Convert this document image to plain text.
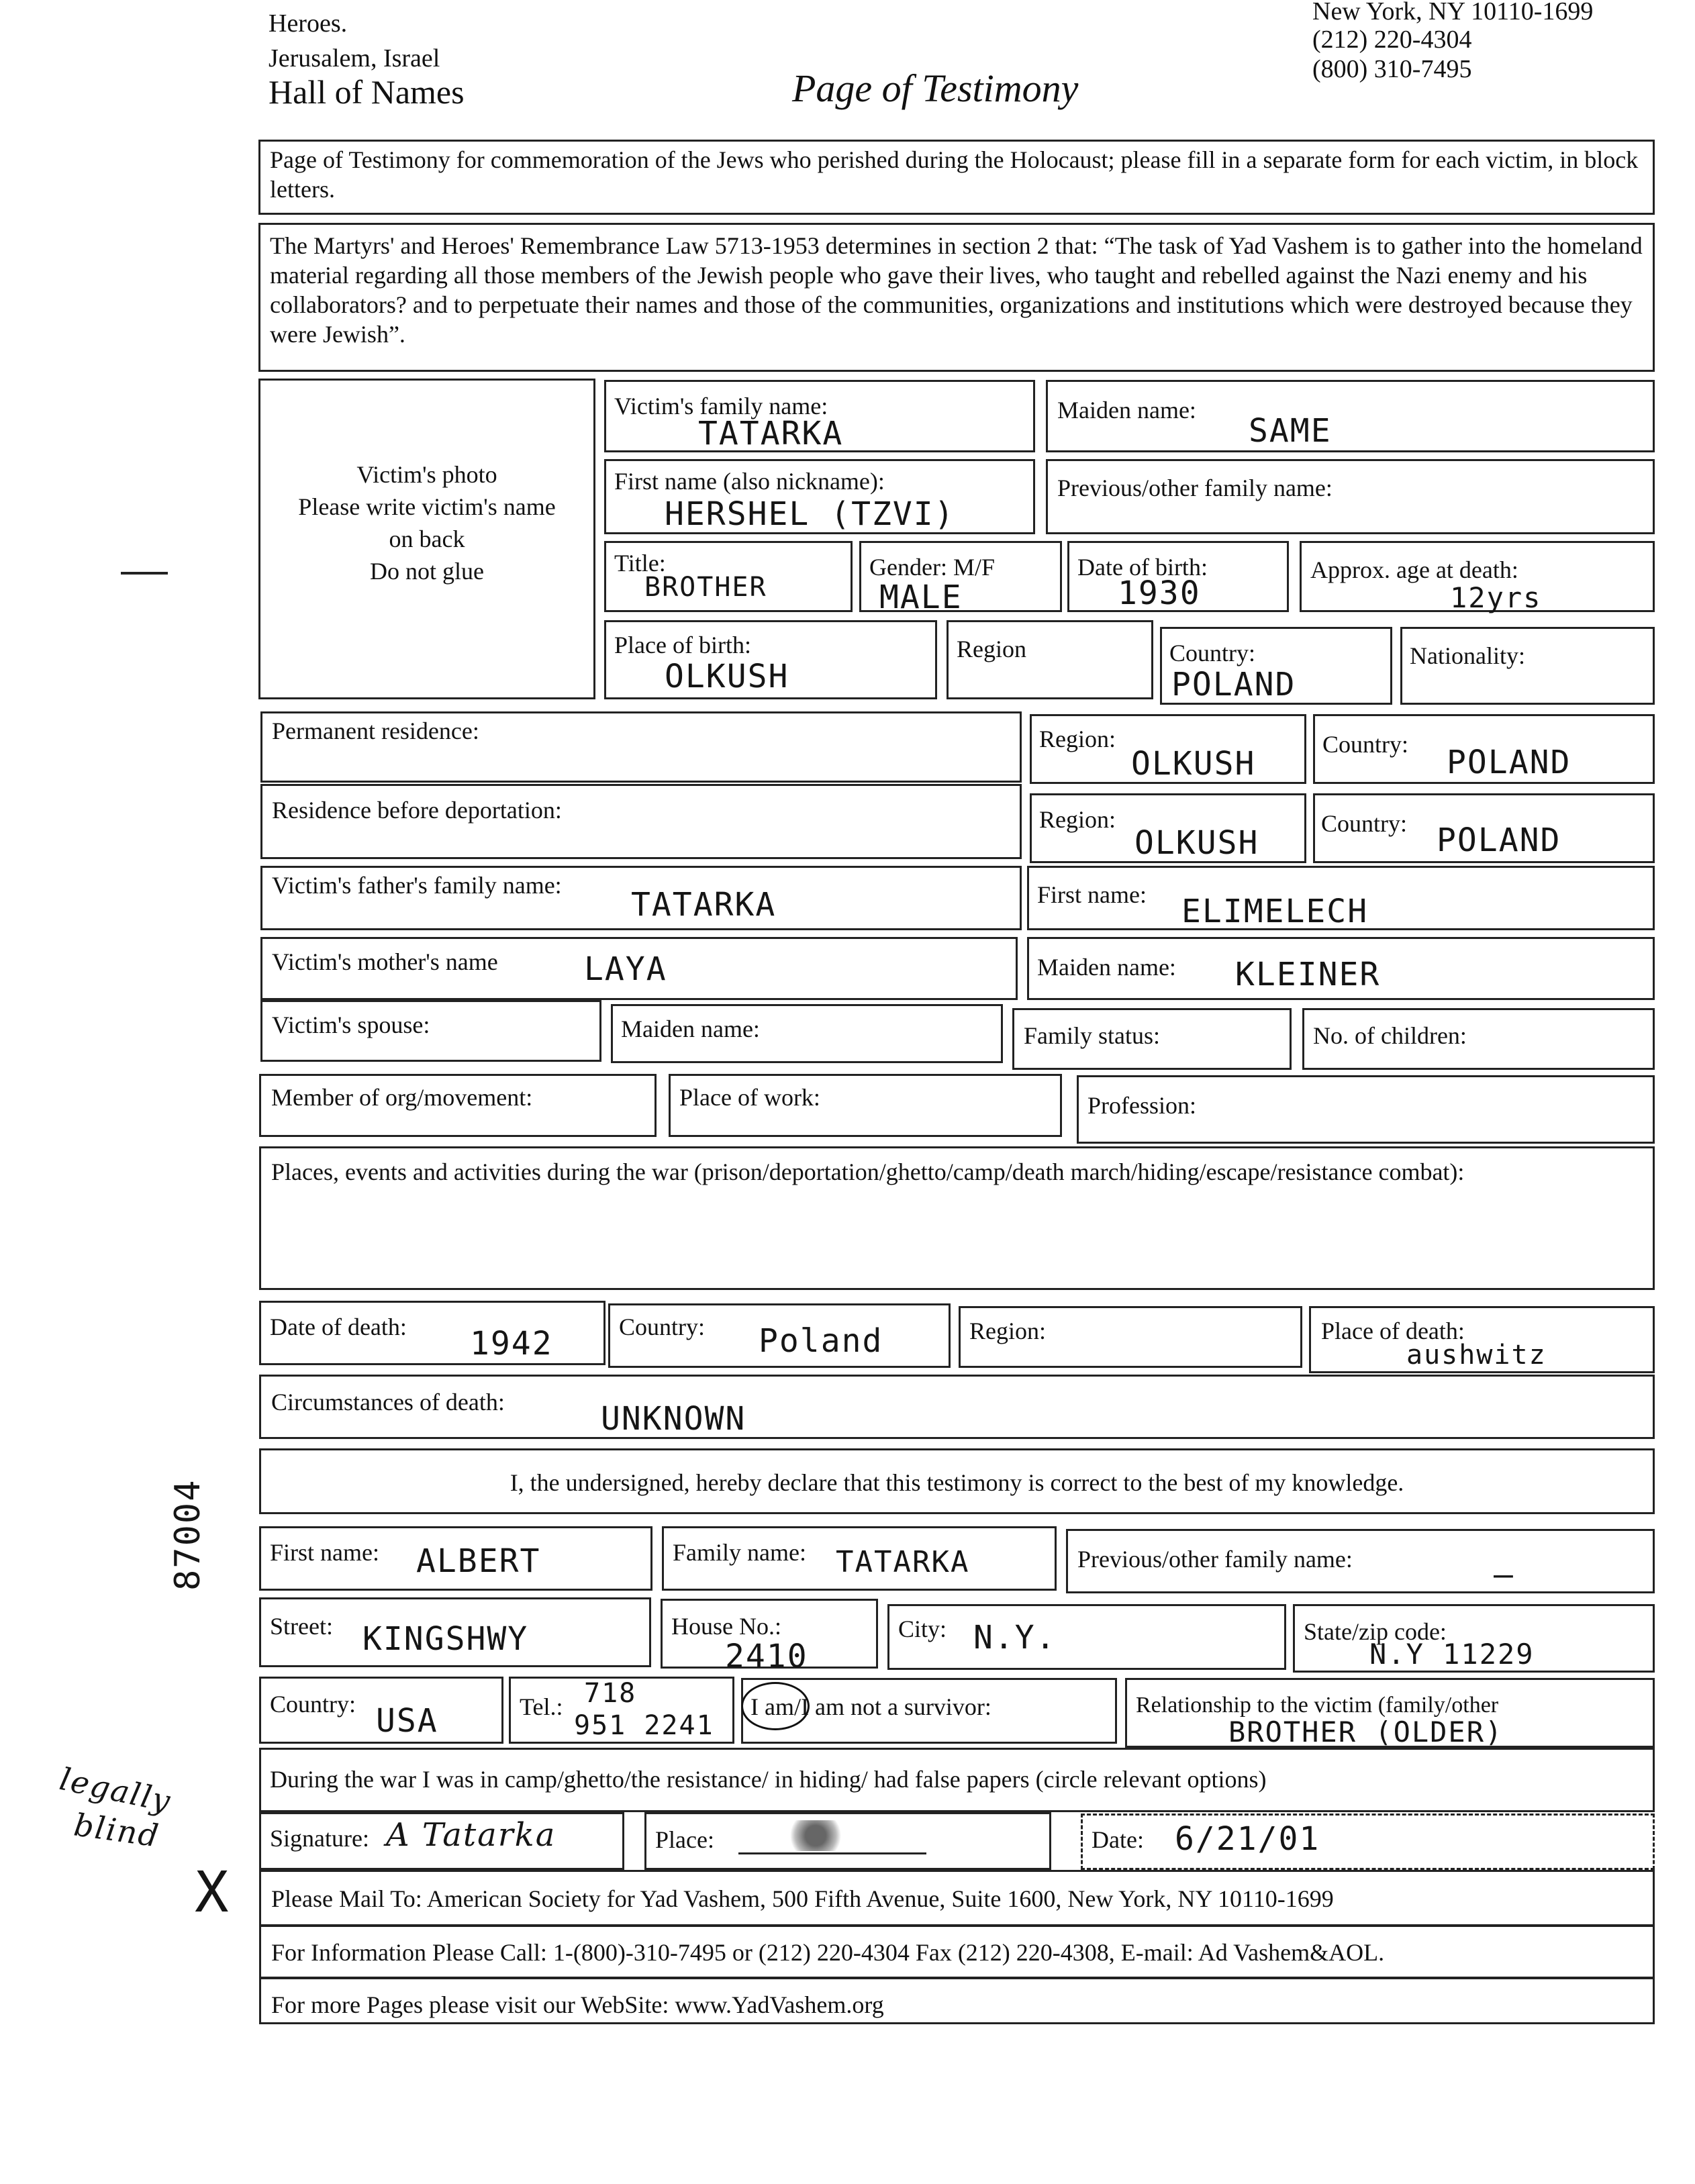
Heroes.
Jerusalem, Israel
Hall of Names	Page of Testimony
New York, NY 10110-1699
(212) 220-4304
(800) 310-7495
Page of Testimony for commemoration of the Jews who perished during the Holocaust; please fill in a separate form for each victim, in block letters.
The Martyrs' and Heroes' Remembrance Law 5713-1953 determines in section 2 that: “The task of Yad Vashem is to gather into the homeland material regarding all those members of the Jewish people who gave their lives, who taught and rebelled against the Nazi enemy and his collaborators? and to perpetuate their names and those of the communities, organizations and institutions which were destroyed because they were Jewish”.
Victim's photo
Please write victim's name
on back
Do not glue
Victim's family name:
TATARKA
Maiden name:
SAME
First name (also nickname):
HERSHEL (TZVI)
Previous/other family name:
Title:
BROTHER
Gender: M/F
MALE
Date of birth:
1930
Approx. age at death:
12yrs
Place of birth:
OLKUSH
Region	Country:
POLAND
Nationality:
Permanent residence:	Region:
OLKUSH
Country: POLAND
Residence before deportation:	Region:
OLKUSH
Country: POLAND
Victim's father's family name:
TATARKA	First name: ELIMELECH
Victim's mother's name	LAYA	Maiden name: KLEINER
Victim's spouse:	Maiden name:	Family status:	No. of children:
Member of org/movement:	Place of work:	Profession:
Places, events and activities during the war (prison/deportation/ghetto/camp/death march/hiding/escape/resistance combat):
Date of death: 1942	Country: Poland	Region:	Place of death:
aushwitz
Circumstances of death:	UNKNOWN
I, the undersigned, hereby declare that this testimony is correct to the best of my knowledge.
First name: ALBERT	Family name: TATARKA	Previous/other family name:	—
Street: KINGSHWY	House No.:
2410
City: N.Y.	State/zip code:
N.Y 11229
Country: USA	Tel.: 718
951 2241
I am/I am not a survivor:	Relationship to the victim (family/other
BROTHER (OLDER)
During the war I was in camp/ghetto/the resistance/ in hiding/ had false papers (circle relevant options)
Signature: A Tatarka	Place:	Date: 6/21/01
Please Mail To: American Society for Yad Vashem, 500 Fifth Avenue, Suite 1600, New York, NY 10110-1699
For Information Please Call: 1-(800)-310-7495 or (212) 220-4304 Fax (212) 220-4308, E-mail: Ad Vashem&AOL.
For more Pages please visit our WebSite: www.YadVashem.org
87004
legally
blind
X
